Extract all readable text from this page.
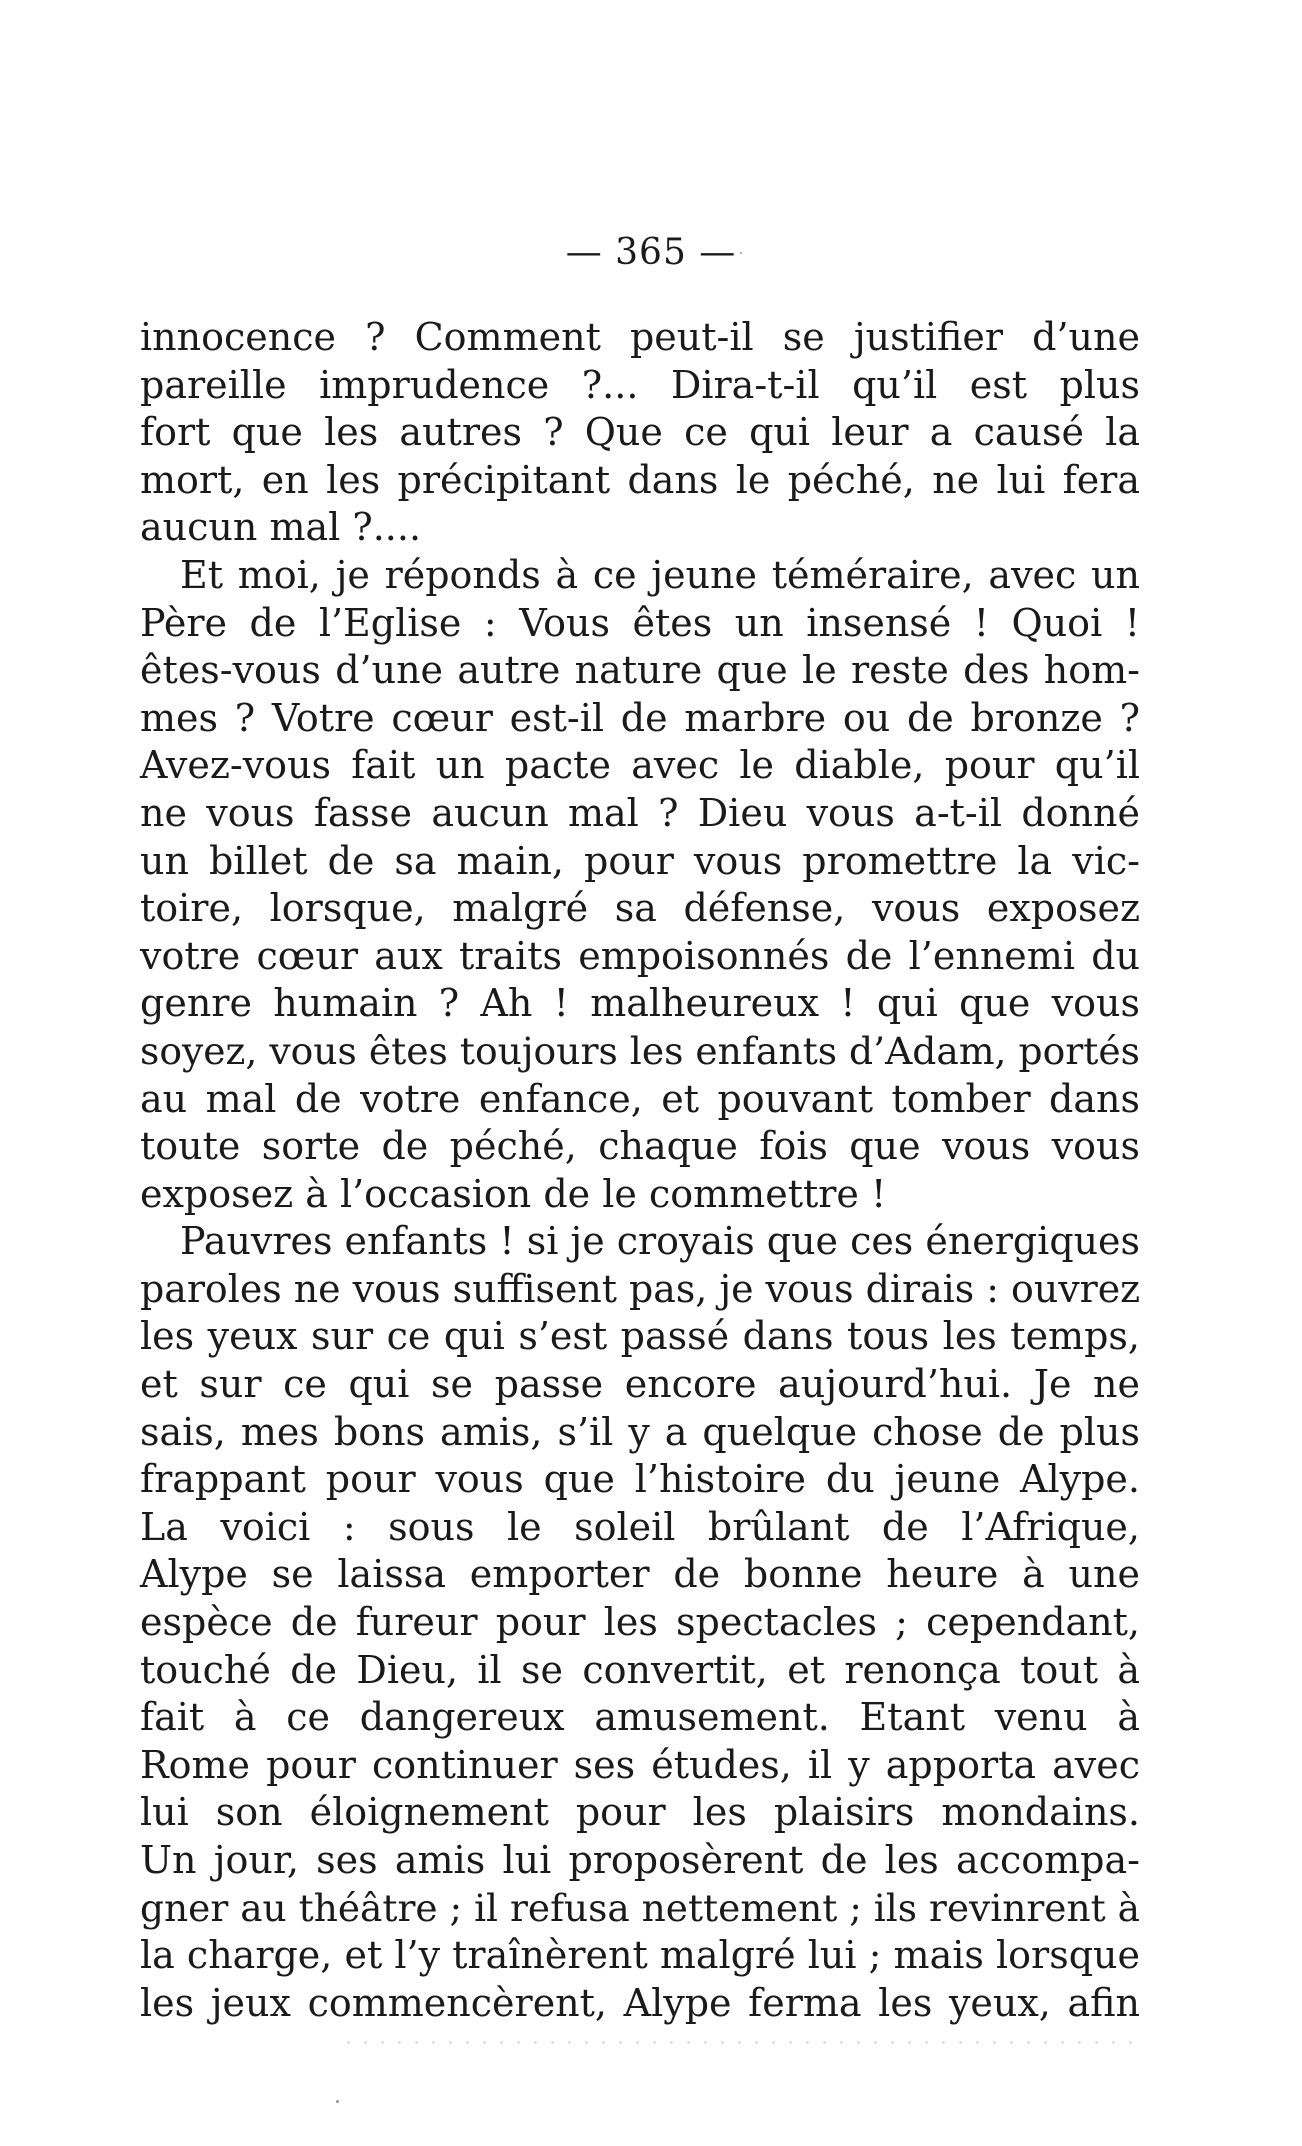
— 365 —
innocence ? Comment peut-il se justifier d’une
pareille imprudence ?... Dira-t-il qu’il est plus
fort que les autres ? Que ce qui leur a causé la
mort, en les précipitant dans le péché, ne lui fera
aucun mal ?....
Et moi, je réponds à ce jeune téméraire, avec un
Père de l’Eglise : Vous êtes un insensé ! Quoi !
êtes-vous d’une autre nature que le reste des hom-
mes ? Votre cœur est-il de marbre ou de bronze ?
Avez-vous fait un pacte avec le diable, pour qu’il
ne vous fasse aucun mal ? Dieu vous a-t-il donné
un billet de sa main, pour vous promettre la vic-
toire, lorsque, malgré sa défense, vous exposez
votre cœur aux traits empoisonnés de l’ennemi du
genre humain ? Ah ! malheureux ! qui que vous
soyez, vous êtes toujours les enfants d’Adam, portés
au mal de votre enfance, et pouvant tomber dans
toute sorte de péché, chaque fois que vous vous
exposez à l’occasion de le commettre !
Pauvres enfants ! si je croyais que ces énergiques
paroles ne vous suffisent pas, je vous dirais : ouvrez
les yeux sur ce qui s’est passé dans tous les temps,
et sur ce qui se passe encore aujourd’hui. Je ne
sais, mes bons amis, s’il y a quelque chose de plus
frappant pour vous que l’histoire du jeune Alype.
La voici : sous le soleil brûlant de l’Afrique,
Alype se laissa emporter de bonne heure à une
espèce de fureur pour les spectacles ; cependant,
touché de Dieu, il se convertit, et renonça tout à
fait à ce dangereux amusement. Etant venu à
Rome pour continuer ses études, il y apporta avec
lui son éloignement pour les plaisirs mondains.
Un jour, ses amis lui proposèrent de les accompa-
gner au théâtre ; il refusa nettement ; ils revinrent à
la charge, et l’y traînèrent malgré lui ; mais lorsque
les jeux commencèrent, Alype ferma les yeux, afin
